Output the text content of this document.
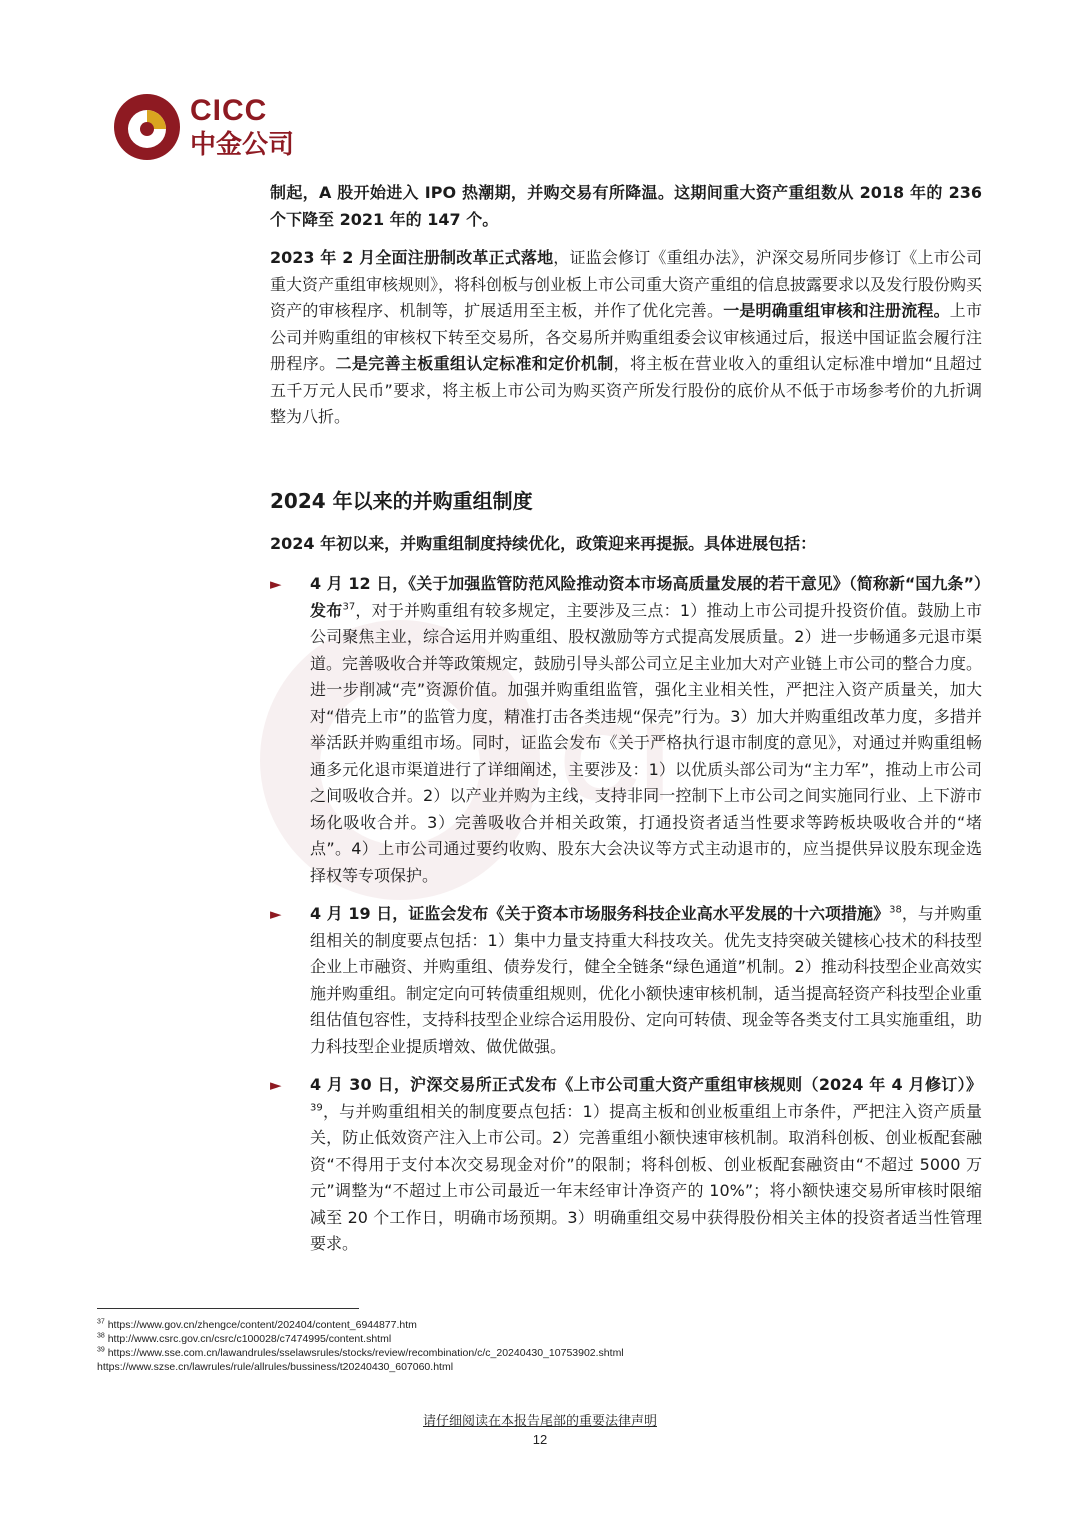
CICC
中金公司
CI

制起，A 股开始进入 IPO 热潮期，并购交易有所降温。这期间重大资产重组数从 2018 年的 236 个下降至 2021 年的 147 个。

2023 年 2 月全面注册制改革正式落地，证监会修订《重组办法》，沪深交易所同步修订《上市公司重大资产重组审核规则》，将科创板与创业板上市公司重大资产重组的信息披露要求以及发行股份购买资产的审核程序、机制等，扩展适用至主板，并作了优化完善。一是明确重组审核和注册流程。上市公司并购重组的审核权下转至交易所，各交易所并购重组委会议审核通过后，报送中国证监会履行注册程序。二是完善主板重组认定标准和定价机制，将主板在营业收入的重组认定标准中增加“且超过五千万元人民币”要求，将主板上市公司为购买资产所发行股份的底价从不低于市场参考价的九折调整为八折。

2024 年以来的并购重组制度

2024 年初以来，并购重组制度持续优化，政策迎来再提振。具体进展包括：

► 4 月 12 日，《关于加强监管防范风险推动资本市场高质量发展的若干意见》（简称新“国九条”）发布$^{37}$，对于并购重组有较多规定，主要涉及三点：1）推动上市公司提升投资价值。鼓励上市公司聚焦主业，综合运用并购重组、股权激励等方式提高发展质量。2）进一步畅通多元退市渠道。完善吸收合并等政策规定，鼓励引导头部公司立足主业加大对产业链上市公司的整合力度。进一步削减“壳”资源价值。加强并购重组监管，强化主业相关性，严把注入资产质量关，加大对“借壳上市”的监管力度，精准打击各类违规“保壳”行为。3）加大并购重组改革力度，多措并举活跃并购重组市场。同时，证监会发布《关于严格执行退市制度的意见》，对通过并购重组畅通多元化退市渠道进行了详细阐述，主要涉及：1）以优质头部公司为“主力军”，推动上市公司之间吸收合并。2）以产业并购为主线，支持非同一控制下上市公司之间实施同行业、上下游市场化吸收合并。3）完善吸收合并相关政策，打通投资者适当性要求等跨板块吸收合并的“堵点”。4）上市公司通过要约收购、股东大会决议等方式主动退市的，应当提供异议股东现金选择权等专项保护。
► 4 月 19 日，证监会发布《关于资本市场服务科技企业高水平发展的十六项措施》$^{38}$，与并购重组相关的制度要点包括：1）集中力量支持重大科技攻关。优先支持突破关键核心技术的科技型企业上市融资、并购重组、债券发行，健全全链条“绿色通道”机制。2）推动科技型企业高效实施并购重组。制定定向可转债重组规则，优化小额快速审核机制，适当提高轻资产科技型企业重组估值包容性，支持科技型企业综合运用股份、定向可转债、现金等各类支付工具实施重组，助力科技型企业提质增效、做优做强。
► 4 月 30 日，沪深交易所正式发布《上市公司重大资产重组审核规则（2024 年 4 月修订）》$^{39}$，与并购重组相关的制度要点包括：1）提高主板和创业板重组上市条件，严把注入资产质量关，防止低效资产注入上市公司。2）完善重组小额快速审核机制。取消科创板、创业板配套融资“不得用于支付本次交易现金对价”的限制；将科创板、创业板配套融资由“不超过 5000 万元”调整为“不超过上市公司最近一年末经审计净资产的 10%”；将小额快速交易所审核时限缩减至 20 个工作日，明确市场预期。3）明确重组交易中获得股份相关主体的投资者适当性管理要求。
$^{37}$ https://www.gov.cn/zhengce/content/202404/content_6944877.htm
$^{38}$ http://www.csrc.gov.cn/csrc/c100028/c7474995/content.shtml
$^{39}$ https://www.sse.com.cn/lawandrules/sselawsrules/stocks/review/recombination/c/c_20240430_10753902.shtml
https://www.szse.cn/lawrules/rule/allrules/bussiness/t20240430_607060.html
请仔细阅读在本报告尾部的重要法律声明
12
